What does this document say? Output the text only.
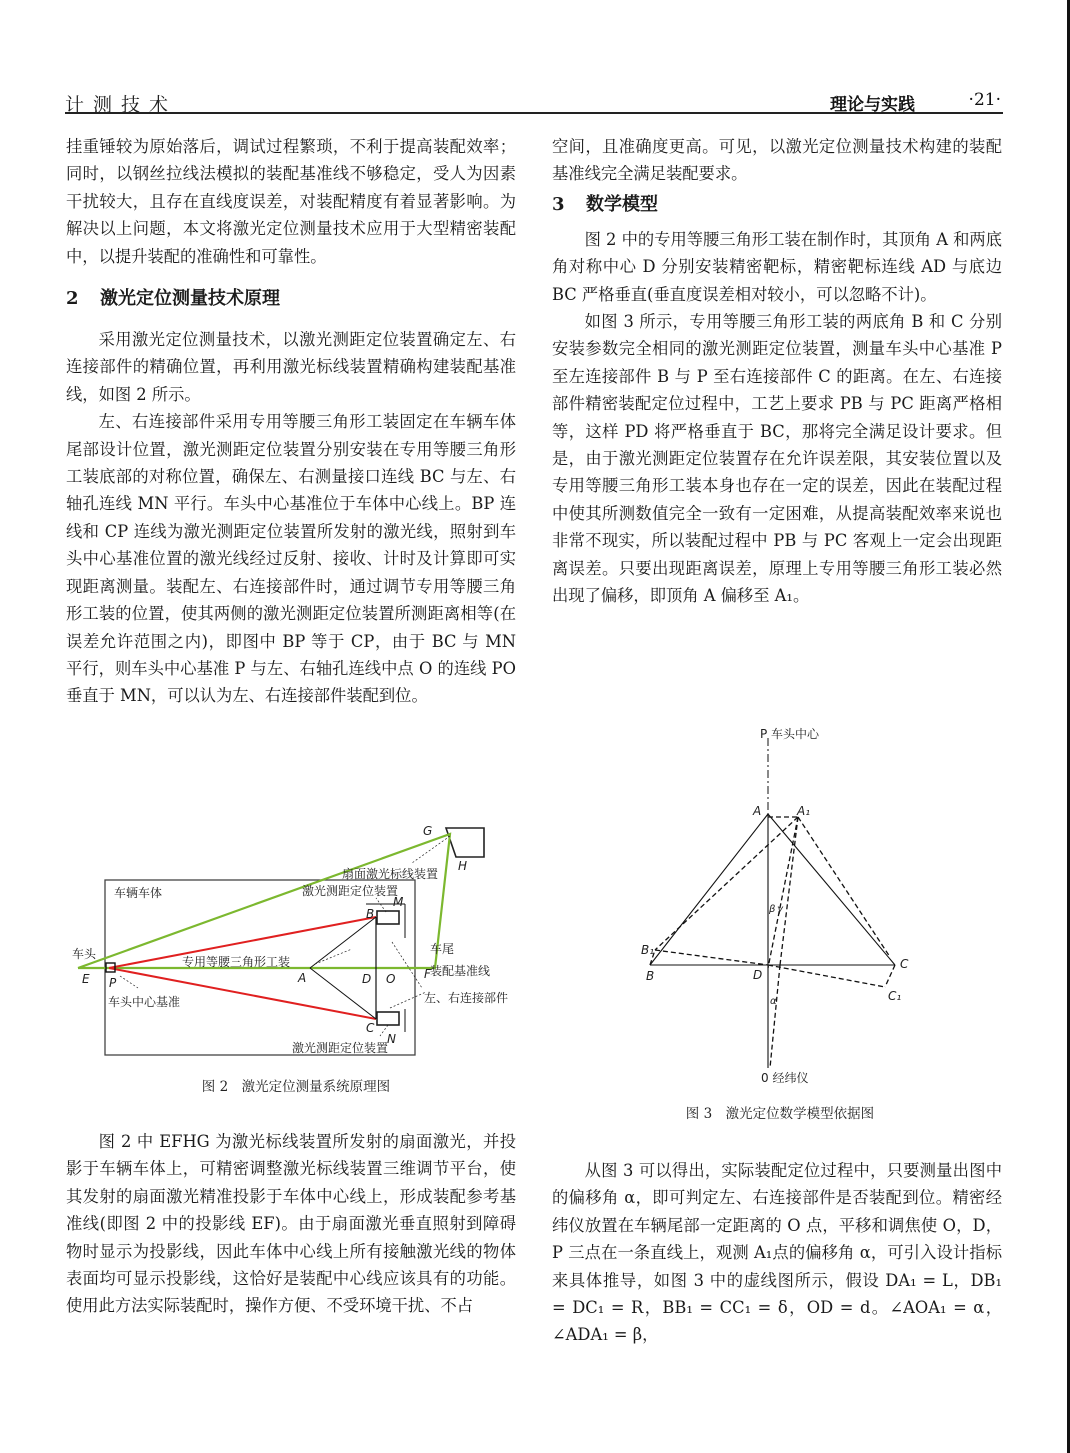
计测技术	理论与实践	·21·

挂重锤较为原始落后，调试过程繁琐，不利于提高装配效率；同时，以钢丝拉线法模拟的装配基准线不够稳定，受人为因素干扰较大，且存在直线度误差，对装配精度有着显著影响。为解决以上问题，本文将激光定位测量技术应用于大型精密装配中，以提升装配的准确性和可靠性。

2 激光定位测量技术原理

采用激光定位测量技术，以激光测距定位装置确定左、右连接部件的精确位置，再利用激光标线装置精确构建装配基准线，如图 2 所示。

左、右连接部件采用专用等腰三角形工装固定在车辆车体尾部设计位置，激光测距定位装置分别安装在专用等腰三角形工装底部的对称位置，确保左、右测量接口连线 BC 与左、右轴孔连线 MN 平行。车头中心基准位于车体中心线上。BP 连线和 CP 连线为激光测距定位装置所发射的激光线，照射到车头中心基准位置的激光线经过反射、接收、计时及计算即可实现距离测量。装配左、右连接部件时，通过调节专用等腰三角形工装的位置，使其两侧的激光测距定位装置所测距离相等(在误差允许范围之内)，即图中 BP 等于 CP，由于 BC 与 MN 平行，则车头中心基准 P 与左、右轴孔连线中点 O 的连线 PO 垂直于 MN，可以认为左、右连接部件装配到位。

车辆车体
车头
车头中心基准
专用等腰三角形工装
激光测距定位装置
激光测距定位装置
扇面激光标线装置
车尾
装配基准线
左、右连接部件
E P	A
B
C
D O
M
N
F
G
H
图 2　激光定位测量系统原理图

图 2 中 EFHG 为激光标线装置所发射的扇面激光，并投影于车辆车体上，可精密调整激光标线装置三维调节平台，使其发射的扇面激光精准投影于车体中心线上，形成装配参考基准线(即图 2 中的投影线 EF)。由于扇面激光垂直照射到障碍物时显示为投影线，因此车体中心线上所有接触激光线的物体表面均可显示投影线，这恰好是装配中心线应该具有的功能。使用此方法实际装配时，操作方便、不受环境干扰、不占

空间，且准确度更高。可见，以激光定位测量技术构建的装配基准线完全满足装配要求。

3 数学模型

图 2 中的专用等腰三角形工装在制作时，其顶角 A 和两底角对称中心 D 分别安装精密靶标，精密靶标连线 AD 与底边 BC 严格垂直(垂直度误差相对较小，可以忽略不计)。

如图 3 所示，专用等腰三角形工装的两底角 B 和 C 分别安装参数完全相同的激光测距定位装置，测量车头中心基准 P 至左连接部件 B 与 P 至右连接部件 C 的距离。在左、右连接部件精密装配定位过程中，工艺上要求 PB 与 PC 距离严格相等，这样 PD 将严格垂直于 BC，那将完全满足设计要求。但是，由于激光测距定位装置存在允许误差限，其安装位置以及专用等腰三角形工装本身也存在一定的误差，因此在装配过程中使其所测数值完全一致有一定困难，从提高装配效率来说也非常不现实，所以装配过程中 PB 与 PC 客观上一定会出现距离误差。只要出现距离误差，原理上专用等腰三角形工装必然出现了偏移，即顶角 A 偏移至 A₁。

P 车头中心
0 经纬仪
A	A₁
B₁
B
C
C₁
D
β γ
α
图 3　激光定位数学模型依据图

从图 3 可以得出，实际装配定位过程中，只要测量出图中的偏移角 α，即可判定左、右连接部件是否装配到位。精密经纬仪放置在车辆尾部一定距离的 O 点，平移和调焦使 O，D，P 三点在一条直线上，观测 A₁点的偏移角 α，可引入设计指标来具体推导，如图 3 中的虚线图所示，假设 DA₁ = L，DB₁ = DC₁ = R，BB₁ = CC₁ = δ，OD = d。∠AOA₁ = α，∠ADA₁ = β，
